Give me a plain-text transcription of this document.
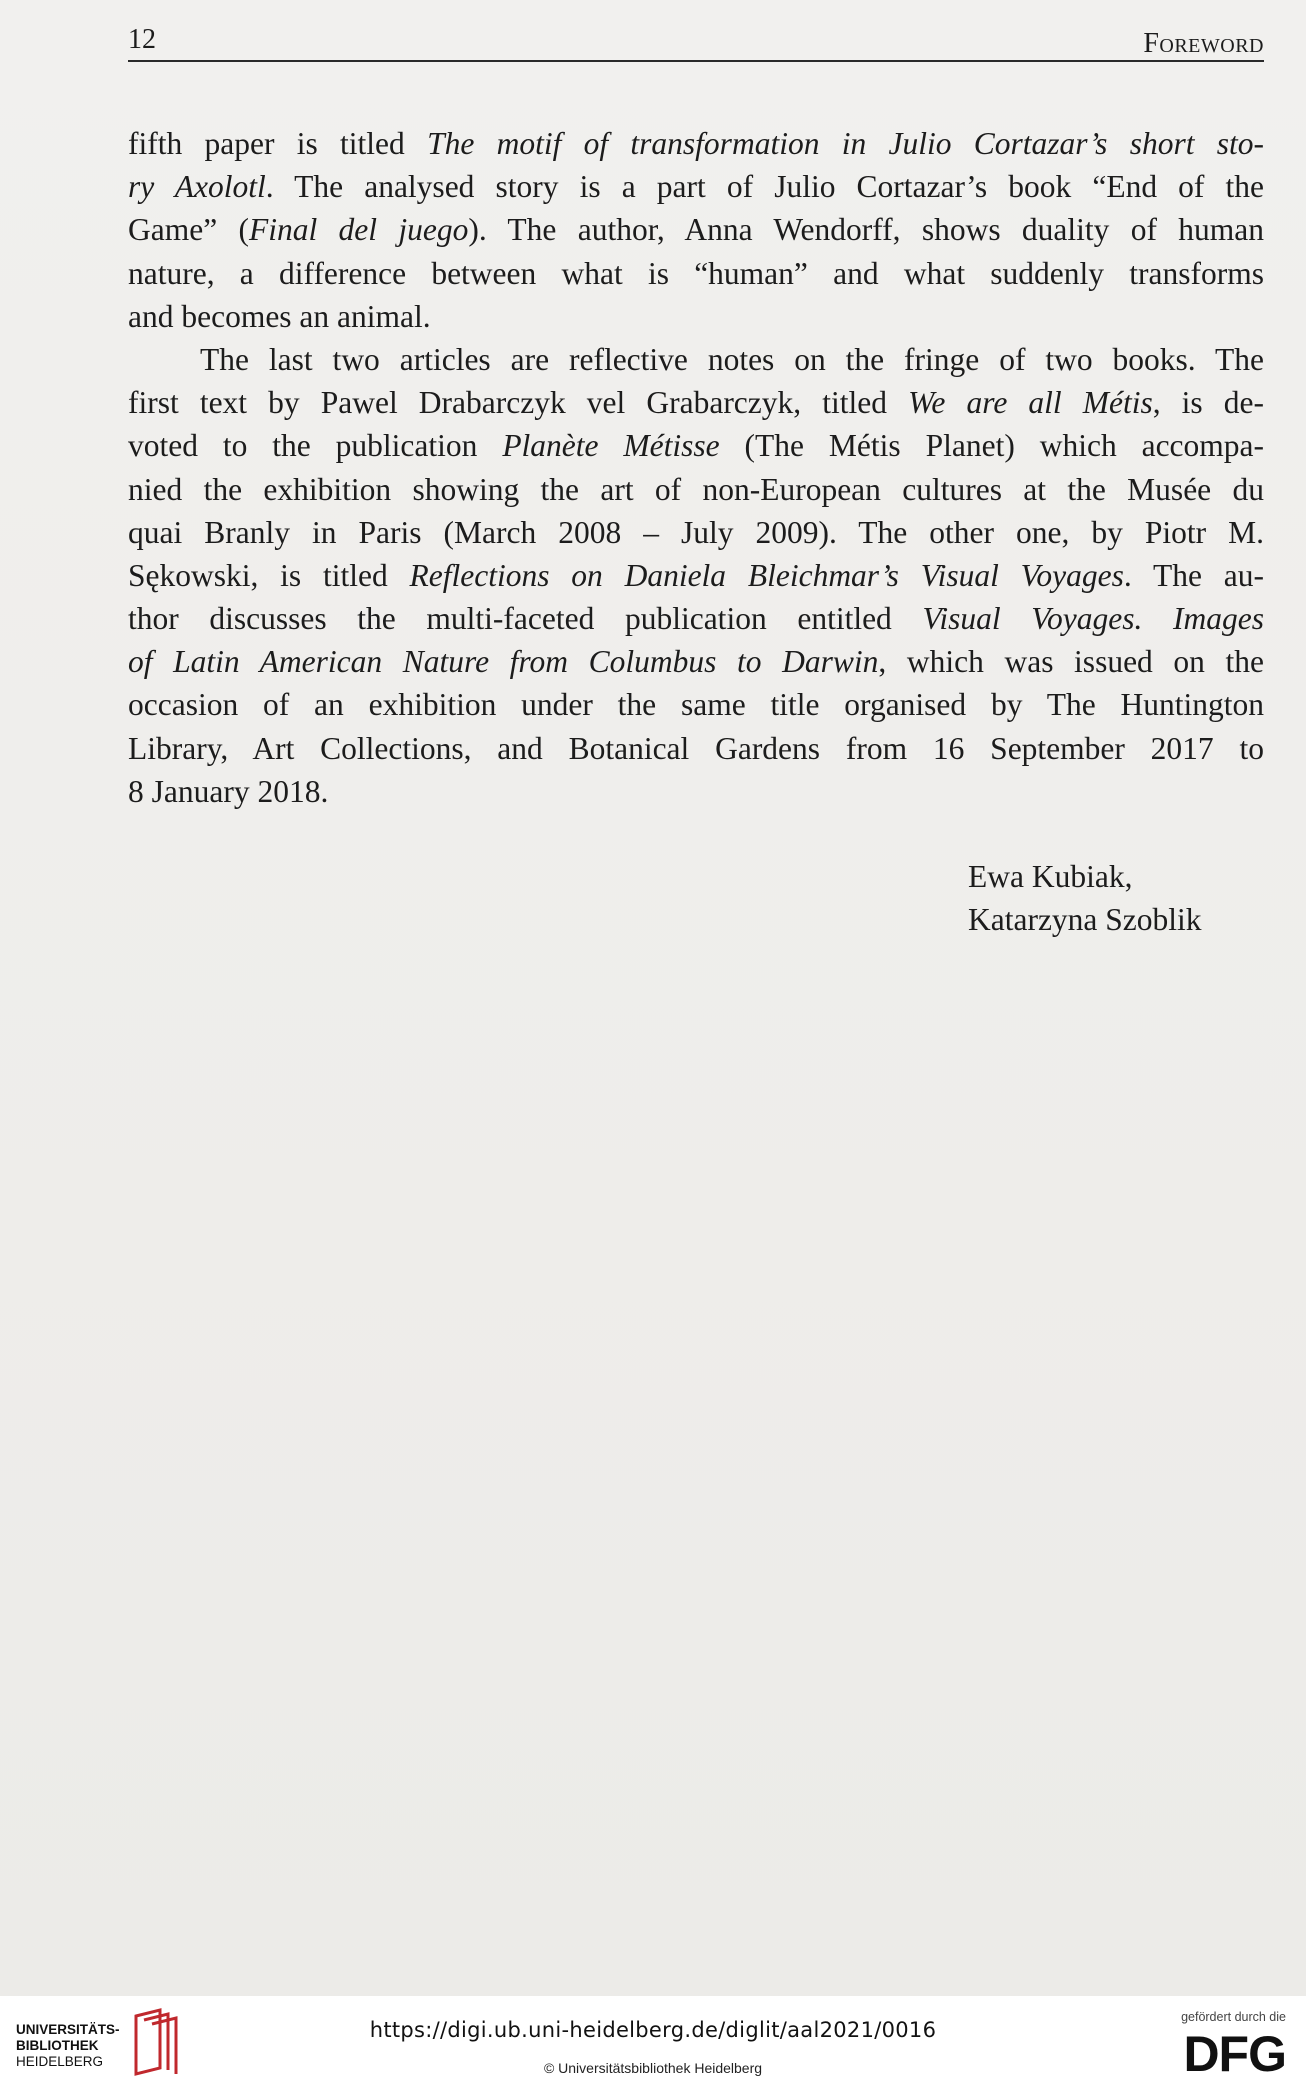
12	Foreword
fifth paper is titled The motif of transformation in Julio Cortazar’s short sto-
ry Axolotl. The analysed story is a part of Julio Cortazar’s book “End of the
Game” (Final del juego). The author, Anna Wendorff, shows duality of human
nature, a difference between what is “human” and what suddenly transforms
and becomes an animal.
The last two articles are reflective notes on the fringe of two books. The
first text by Pawel Drabarczyk vel Grabarczyk, titled We are all Métis, is de-
voted to the publication Planète Métisse (The Métis Planet) which accompa-
nied the exhibition showing the art of non-European cultures at the Musée du
quai Branly in Paris (March 2008 – July 2009). The other one, by Piotr M.
Sękowski, is titled Reflections on Daniela Bleichmar’s Visual Voyages. The au-
thor discusses the multi-faceted publication entitled Visual Voyages. Images
of Latin American Nature from Columbus to Darwin, which was issued on the
occasion of an exhibition under the same title organised by The Huntington
Library, Art Collections, and Botanical Gardens from 16 September 2017 to
8 January 2018.
Ewa Kubiak,
Katarzyna Szoblik
UNIVERSITÄTS-
BIBLIOTHEK
HEIDELBERG
https://digi.ub.uni-heidelberg.de/diglit/aal2021/0016
© Universitätsbibliothek Heidelberg
gefördert durch die
DFG
